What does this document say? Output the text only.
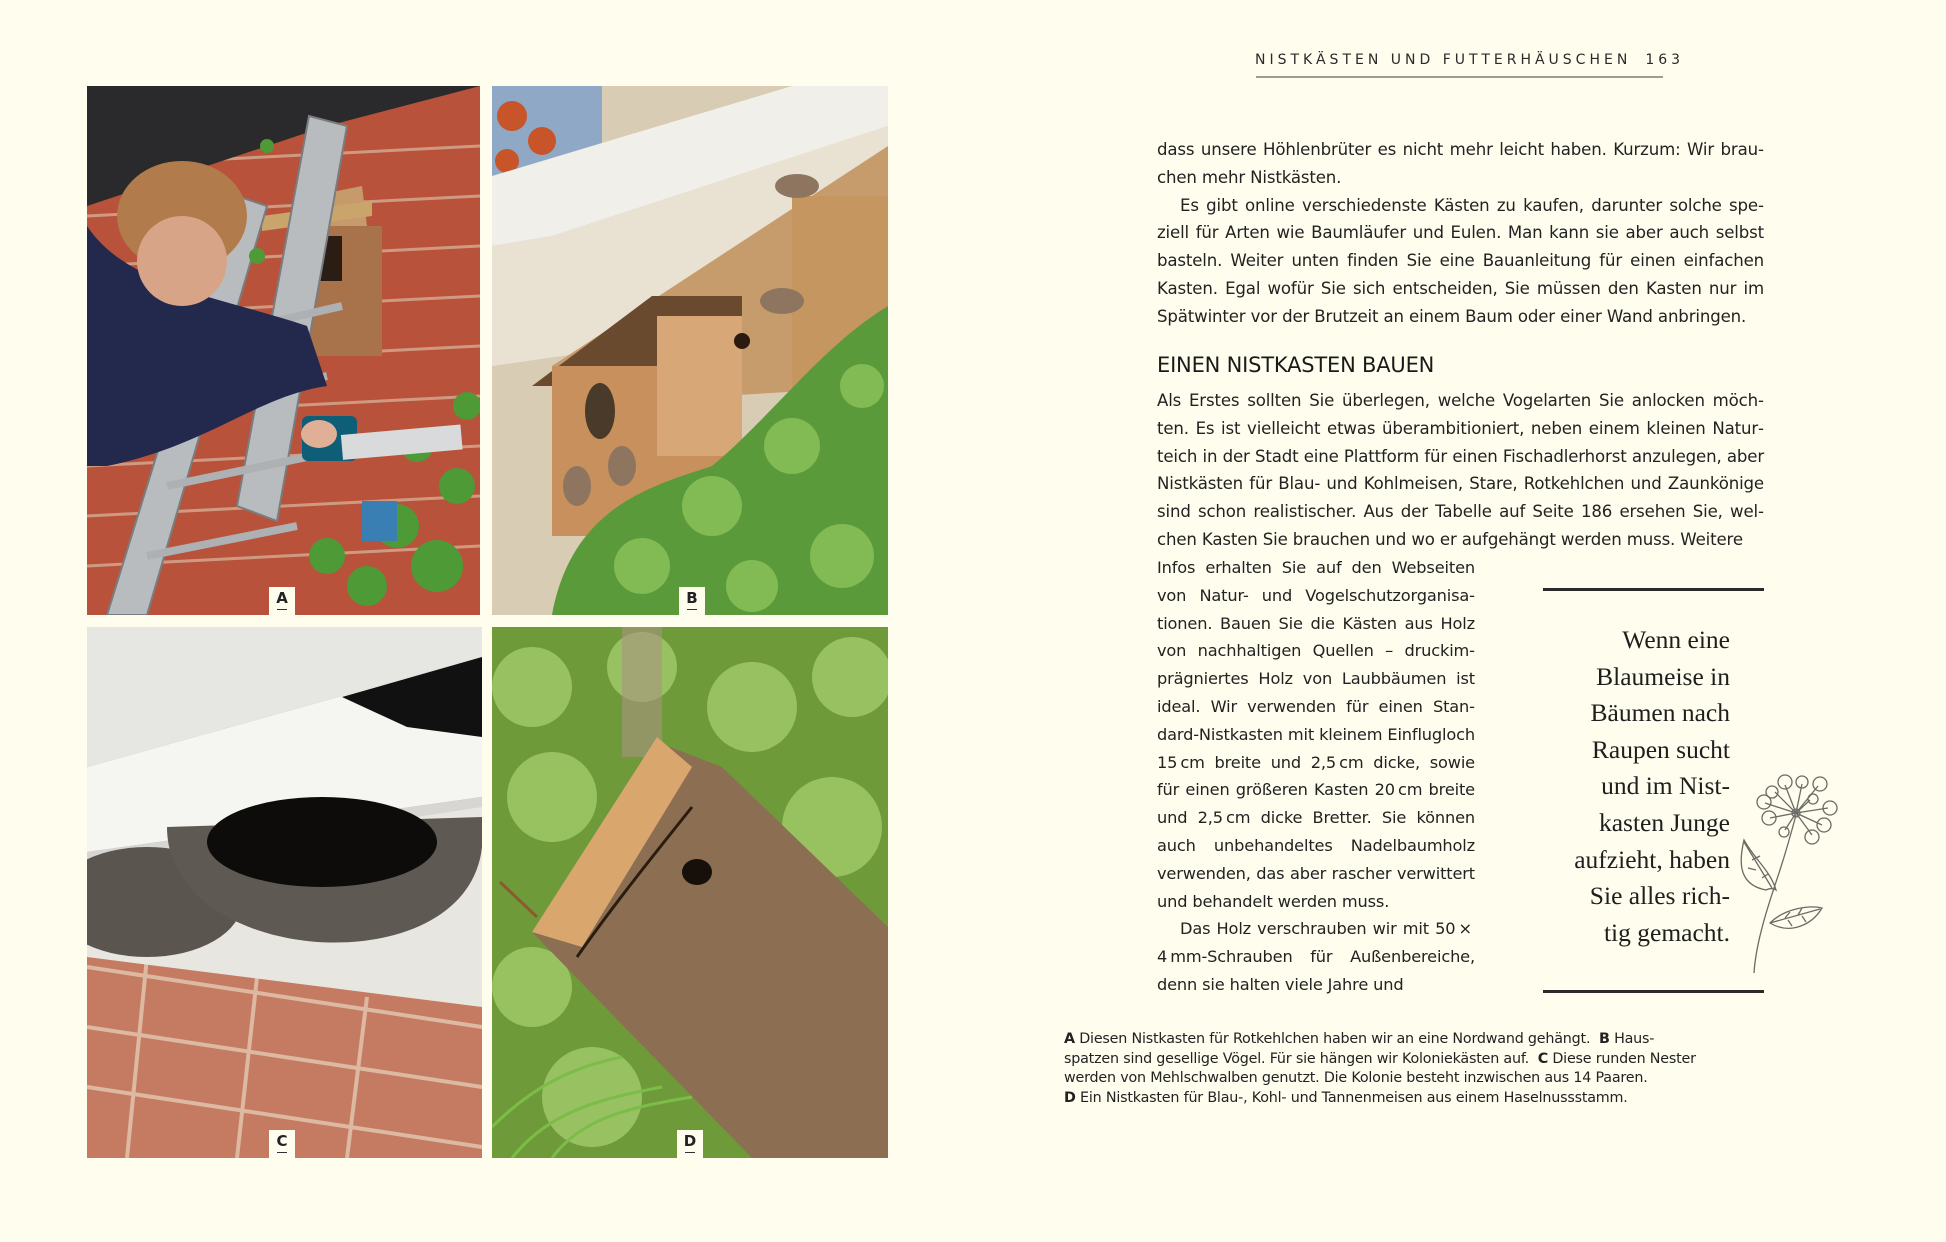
A	B
C	D
NISTKÄSTEN UND FUTTERHÄUSCHEN 163

dass unsere Höhlenbrüter es nicht mehr leicht haben. Kurzum: Wir brauchen mehr Nistkästen.

Es gibt online verschiedenste Kästen zu kaufen, darunter solche speziell für Arten wie Baumläufer und Eulen. Man kann sie aber auch selbst basteln. Weiter unten finden Sie eine Bauanleitung für einen einfachen Kasten. Egal wofür Sie sich entscheiden, Sie müssen den Kasten nur im Spätwinter vor der Brutzeit an einem Baum oder einer Wand anbringen.

EINEN NISTKASTEN BAUEN

Als Erstes sollten Sie überlegen, welche Vogelarten Sie anlocken möchten. Es ist vielleicht etwas überambitioniert, neben einem kleinen Naturteich in der Stadt eine Plattform für einen Fischadlerhorst anzulegen, aber Nistkästen für Blau- und Kohlmeisen, Stare, Rotkehlchen und Zaunkönige sind schon realistischer. Aus der Tabelle auf Seite 186 ersehen Sie, welchen Kasten Sie brauchen und wo er aufgehängt werden muss. Weitere

Infos erhalten Sie auf den Webseiten von Natur- und Vogelschutzorganisationen. Bauen Sie die Kästen aus Holz von nachhaltigen Quellen – druckimprägniertes Holz von Laubbäumen ist ideal. Wir verwenden für einen Standard-Nistkasten mit kleinem Einflugloch 15 cm breite und 2,5 cm dicke, sowie für einen größeren Kasten 20 cm breite und 2,5 cm dicke Bretter. Sie können auch unbehandeltes Nadelbaumholz verwenden, das aber rascher verwittert und behandelt werden muss.

Das Holz verschrauben wir mit 50 × 4 mm-Schrauben für Außenbereiche, denn sie halten viele Jahre und

Wenn eine
Blaumeise in
Bäumen nach
Raupen sucht
und im Nist-
kasten Junge
aufzieht, haben
Sie alles rich-
tig gemacht.
A Diesen Nistkasten für Rotkehlchen haben wir an eine Nordwand gehängt. B Hausspatzen sind gesellige Vögel. Für sie hängen wir Koloniekästen auf. C Diese runden Nester werden von Mehlschwalben genutzt. Die Kolonie besteht inzwischen aus 14 Paaren.
D Ein Nistkasten für Blau-, Kohl- und Tannenmeisen aus einem Haselnussstamm.
